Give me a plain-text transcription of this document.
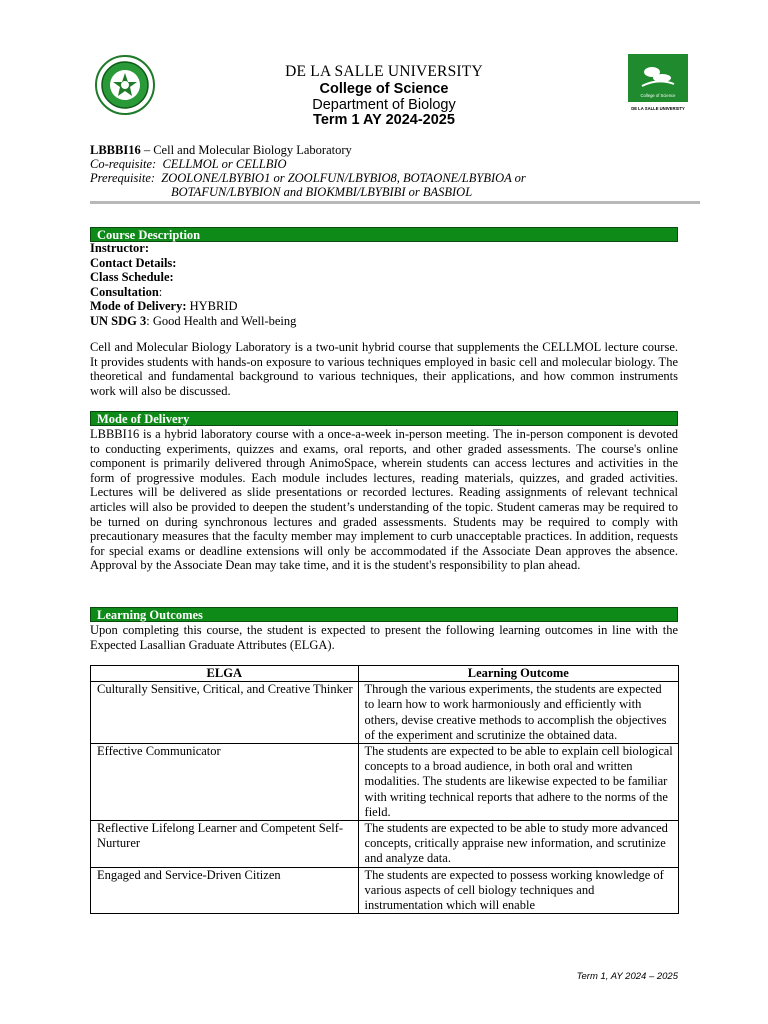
College of Science
DE LA SALLE UNIVERSITY
DE LA SALLE UNIVERSITY
College of Science
Department of Biology
Term 1 AY 2024-2025
LBBBI16 – Cell and Molecular Biology Laboratory
Co-requisite: CELLMOL or CELLBIO
Prerequisite: ZOOLONE/LBYBIO1 or ZOOLFUN/LBYBIO8, BOTAONE/LBYBIOA or
BOTAFUN/LBYBION and BIOKMBI/LBYBIBI or BASBIOL
Course Description
Instructor:
Contact Details:
Class Schedule:
Consultation:
Mode of Delivery: HYBRID
UN SDG 3: Good Health and Well-being
Cell and Molecular Biology Laboratory is a two-unit hybrid course that supplements the CELLMOL lecture course. It provides students with hands-on exposure to various techniques employed in basic cell and molecular biology. The theoretical and fundamental background to various techniques, their applications, and how common instruments work will also be discussed.
Mode of Delivery
LBBBI16 is a hybrid laboratory course with a once-a-week in-person meeting. The in-person component is devoted to conducting experiments, quizzes and exams, oral reports, and other graded assessments. The course's online component is primarily delivered through AnimoSpace, wherein students can access lectures and activities in the form of progressive modules. Each module includes lectures, reading materials, quizzes, and graded activities. Lectures will be delivered as slide presentations or recorded lectures. Reading assignments of relevant technical articles will also be provided to deepen the student’s understanding of the topic. Student cameras may be required to be turned on during synchronous lectures and graded assessments. Students may be required to comply with precautionary measures that the faculty member may implement to curb unacceptable practices. In addition, requests for special exams or deadline extensions will only be accommodated if the Associate Dean approves the absence. Approval by the Associate Dean may take time, and it is the student's responsibility to plan ahead.
Learning Outcomes
Upon completing this course, the student is expected to present the following learning outcomes in line with the Expected Lasallian Graduate Attributes (ELGA).
ELGA	Learning Outcome
Culturally Sensitive, Critical, and Creative Thinker	Through the various experiments, the students are expected to learn how to work harmoniously and efficiently with others, devise creative methods to accomplish the objectives of the experiment and scrutinize the obtained data.
Effective Communicator	The students are expected to be able to explain cell biological concepts to a broad audience, in both oral and written modalities. The students are likewise expected to be familiar with writing technical reports that adhere to the norms of the field.
Reflective Lifelong Learner and Competent Self-Nurturer	The students are expected to be able to study more advanced concepts, critically appraise new information, and scrutinize and analyze data.
Engaged and Service-Driven Citizen	The students are expected to possess working knowledge of various aspects of cell biology techniques and instrumentation which will enable
Term 1, AY 2024 – 2025
